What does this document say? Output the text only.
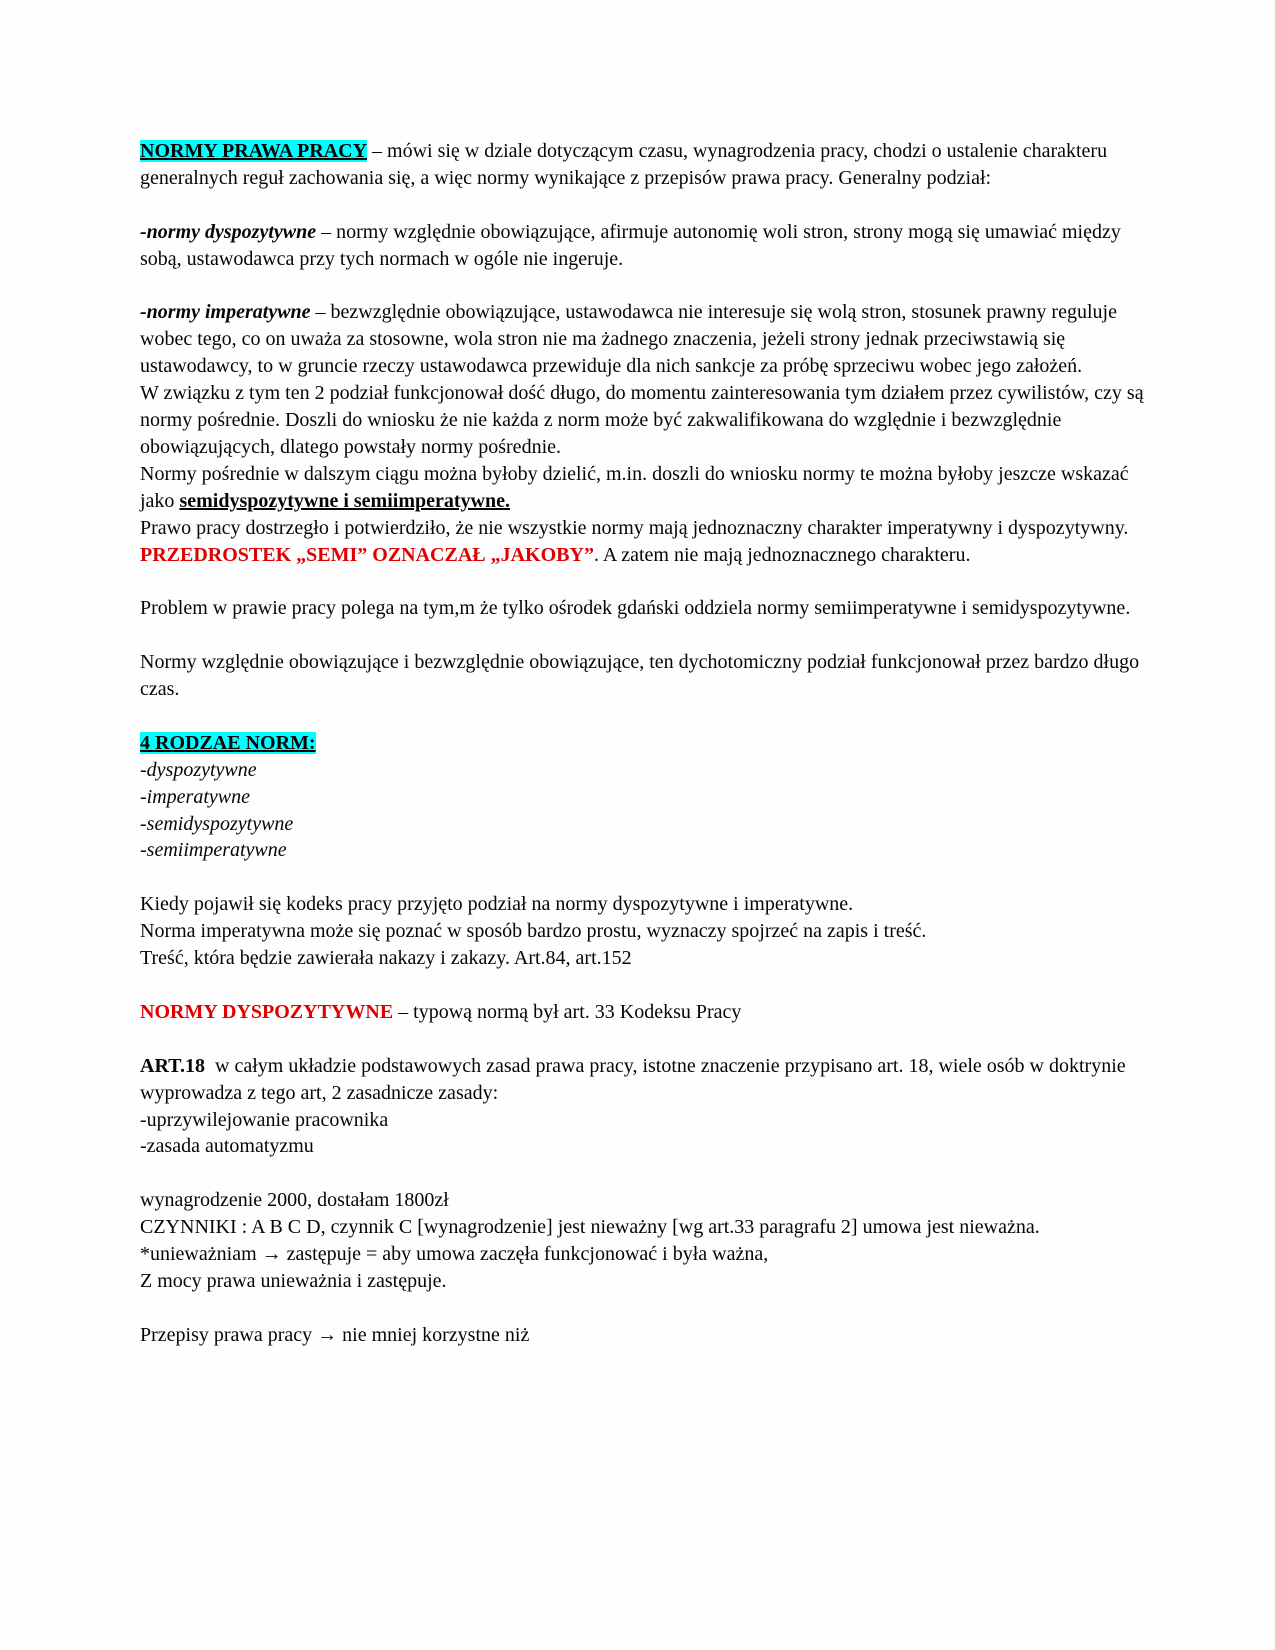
NORMY PRAWA PRACY – mówi się w dziale dotyczącym czasu, wynagrodzenia pracy, chodzi o ustalenie charakteru generalnych reguł zachowania się, a więc normy wynikające z przepisów prawa pracy. Generalny podział:
-normy dyspozytywne – normy względnie obowiązujące, afirmuje autonomię woli stron, strony mogą się umawiać między sobą, ustawodawca przy tych normach w ogóle nie ingeruje.
-normy imperatywne – bezwzględnie obowiązujące, ustawodawca nie interesuje się wolą stron, stosunek prawny reguluje wobec tego, co on uważa za stosowne, wola stron nie ma żadnego znaczenia, jeżeli strony jednak przeciwstawią się ustawodawcy, to w gruncie rzeczy ustawodawca przewiduje dla nich sankcje za próbę sprzeciwu wobec jego założeń.
W związku z tym ten 2 podział funkcjonował dość długo, do momentu zainteresowania tym działem przez cywilistów, czy są normy pośrednie. Doszli do wniosku że nie każda z norm może być zakwalifikowana do względnie i bezwzględnie obowiązujących, dlatego powstały normy pośrednie.
Normy pośrednie w dalszym ciągu można byłoby dzielić, m.in. doszli do wniosku normy te można byłoby jeszcze wskazać jako semidyspozytywne i semiimperatywne.
Prawo pracy dostrzegło i potwierdziło, że nie wszystkie normy mają jednoznaczny charakter imperatywny i dyspozytywny.
PRZEDROSTEK „SEMI” OZNACZAŁ „JAKOBY”. A zatem nie mają jednoznacznego charakteru.
Problem w prawie pracy polega na tym,m że tylko ośrodek gdański oddziela normy semiimperatywne i semidyspozytywne.
Normy względnie obowiązujące i bezwzględnie obowiązujące, ten dychotomiczny podział funkcjonował przez bardzo długo czas.
4 RODZAE NORM:
-dyspozytywne
-imperatywne
-semidyspozytywne
-semiimperatywne
Kiedy pojawił się kodeks pracy przyjęto podział na normy dyspozytywne i imperatywne.
Norma imperatywna może się poznać w sposób bardzo prostu, wyznaczy spojrzeć na zapis i treść.
Treść, która będzie zawierała nakazy i zakazy. Art.84, art.152
NORMY DYSPOZYTYWNE – typową normą był art. 33 Kodeksu Pracy
ART.18  w całym układzie podstawowych zasad prawa pracy, istotne znaczenie przypisano art. 18, wiele osób w doktrynie wyprowadza z tego art, 2 zasadnicze zasady:
-uprzywilejowanie pracownika
-zasada automatyzmu
wynagrodzenie 2000, dostałam 1800zł
CZYNNIKI : A B C D, czynnik C [wynagrodzenie] jest nieważny [wg art.33 paragrafu 2] umowa jest nieważna.
*unieważniam → zastępuje = aby umowa zaczęła funkcjonować i była ważna,
Z mocy prawa unieważnia i zastępuje.
Przepisy prawa pracy → nie mniej korzystne niż
